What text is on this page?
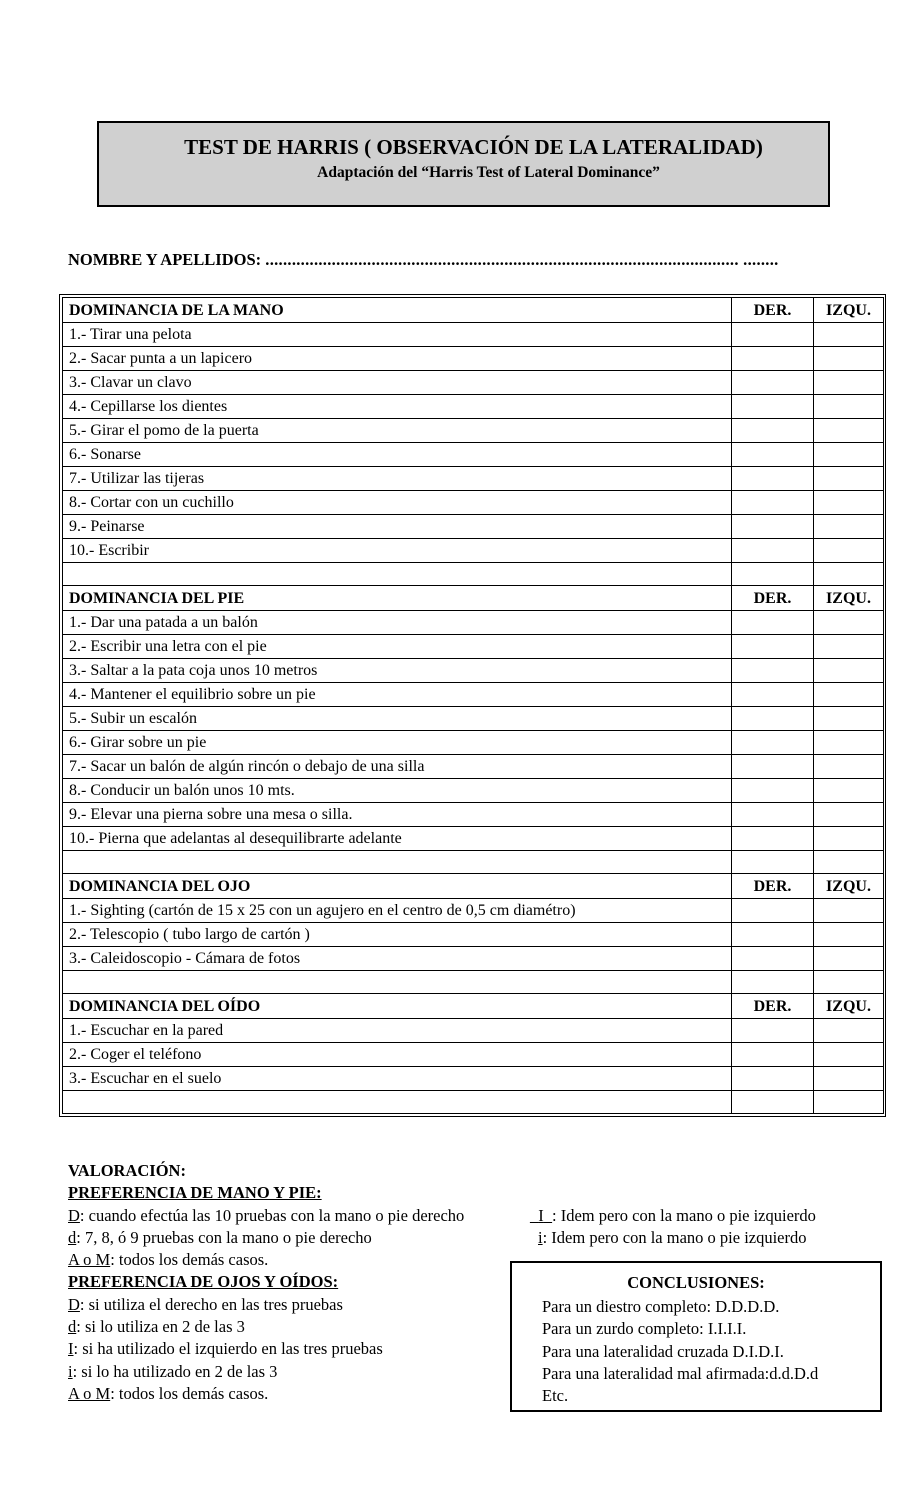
TEST DE HARRIS ( OBSERVACIÓN DE LA LATERALIDAD)
Adaptación del “Harris Test of Lateral Dominance”
NOMBRE Y APELLIDOS: ........................................................................................................... ........
DOMINANCIA DE LA MANO	DER.	IZQU.
1.- Tirar una pelota		
2.- Sacar punta a un lapicero		
3.- Clavar un clavo		
4.- Cepillarse los dientes		
5.- Girar el pomo de la puerta		
6.- Sonarse		
7.- Utilizar las tijeras		
8.- Cortar con un cuchillo		
9.- Peinarse		
10.- Escribir		

DOMINANCIA DEL PIE	DER.	IZQU.
1.- Dar una patada a un balón		
2.- Escribir una letra con el pie		
3.- Saltar a la pata coja unos 10 metros		
4.- Mantener el equilibrio sobre un pie		
5.- Subir un escalón		
6.- Girar sobre un pie		
7.- Sacar un balón de algún rincón o debajo de una silla		
8.- Conducir un balón unos 10 mts.		
9.- Elevar una pierna sobre una mesa o silla.		
10.- Pierna que adelantas al desequilibrarte adelante		

DOMINANCIA DEL OJO	DER.	IZQU.
1.- Sighting (cartón de 15 x 25 con un agujero en el centro de 0,5 cm diamétro)		
2.- Telescopio ( tubo largo de cartón )		
3.- Caleidoscopio - Cámara de fotos		

DOMINANCIA DEL OÍDO	DER.	IZQU.
1.- Escuchar en la pared		
2.- Coger el teléfono		
3.- Escuchar en el suelo		

VALORACIÓN:
PREFERENCIA DE MANO Y PIE:
D: cuando efectúa las 10 pruebas con la mano o pie derecho	_I_: Idem pero con la mano o pie izquierdo
d: 7, 8, ó 9 pruebas con la mano o pie derecho	i: Idem pero con la mano o pie izquierdo
A o M: todos los demás casos.
PREFERENCIA DE OJOS Y OÍDOS:
D: si utiliza el derecho en las tres pruebas
d: si lo utiliza en 2 de las 3
I: si ha utilizado el izquierdo en las tres pruebas
i: si lo ha utilizado en 2 de las 3
A o M: todos los demás casos.
CONCLUSIONES:
Para un diestro completo: D.D.D.D.
Para un zurdo completo: I.I.I.I.
Para una lateralidad cruzada D.I.D.I.
Para una lateralidad mal afirmada:d.d.D.d
Etc.
